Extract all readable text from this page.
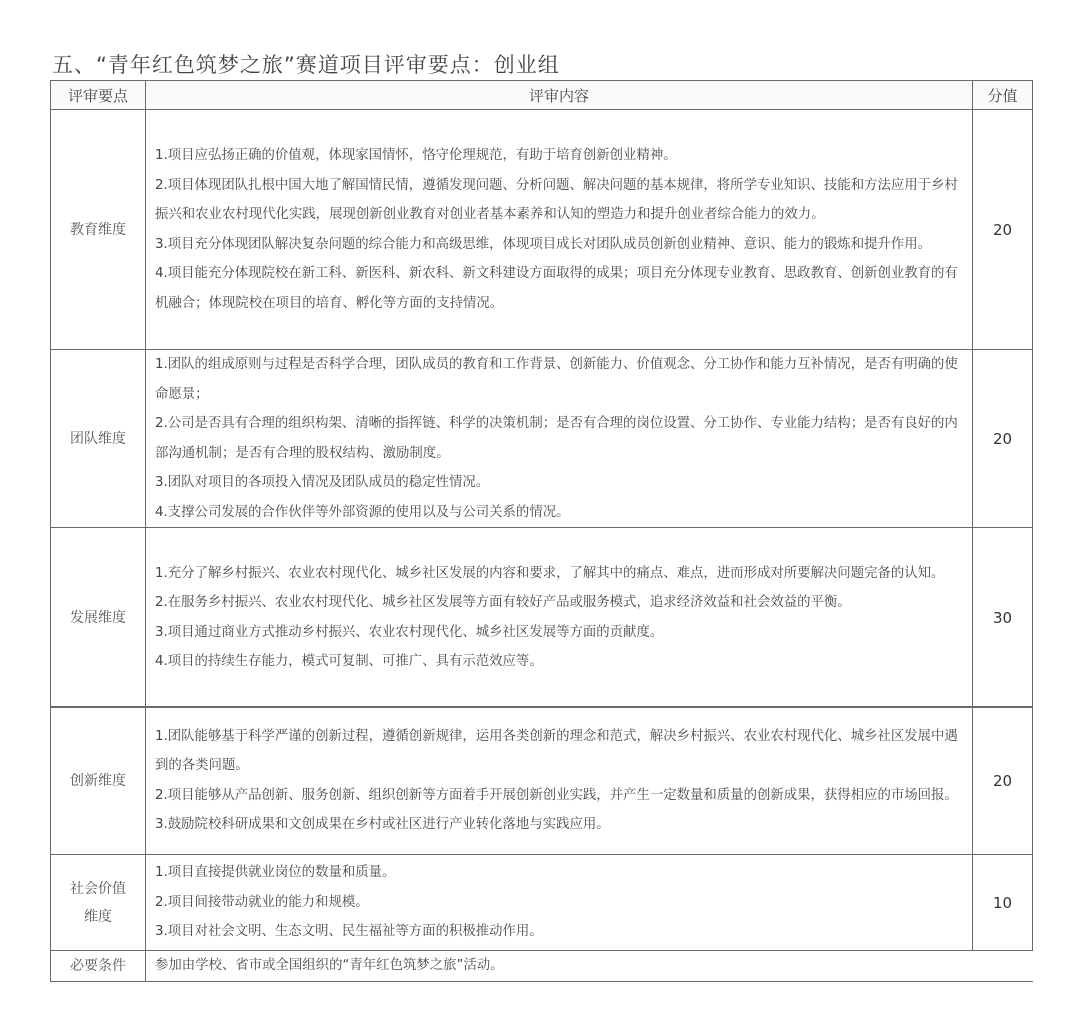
五、“青年红色筑梦之旅”赛道项目评审要点：创业组
评审要点	评审内容	分值
教育维度	1.项目应弘扬正确的价值观，体现家国情怀，恪守伦理规范，有助于培育创新创业精神。

2.项目体现团队扎根中国大地了解国情民情，遵循发现问题、分析问题、解决问题的基本规律，将所学专业知识、技能和方法应用于乡村振兴和农业农村现代化实践，展现创新创业教育对创业者基本素养和认知的塑造力和提升创业者综合能力的效力。

3.项目充分体现团队解决复杂问题的综合能力和高级思维，体现项目成长对团队成员创新创业精神、意识、能力的锻炼和提升作用。

4.项目能充分体现院校在新工科、新医科、新农科、新文科建设方面取得的成果；项目充分体现专业教育、思政教育、创新创业教育的有机融合；体现院校在项目的培育、孵化等方面的支持情况。	20
团队维度	1.团队的组成原则与过程是否科学合理，团队成员的教育和工作背景、创新能力、价值观念、分工协作和能力互补情况，是否有明确的使命愿景；

2.公司是否具有合理的组织构架、清晰的指挥链、科学的决策机制；是否有合理的岗位设置、分工协作、专业能力结构；是否有良好的内部沟通机制；是否有合理的股权结构、激励制度。

3.团队对项目的各项投入情况及团队成员的稳定性情况。

4.支撑公司发展的合作伙伴等外部资源的使用以及与公司关系的情况。	20
发展维度	1.充分了解乡村振兴、农业农村现代化、城乡社区发展的内容和要求，了解其中的痛点、难点，进而形成对所要解决问题完备的认知。

2.在服务乡村振兴、农业农村现代化、城乡社区发展等方面有较好产品或服务模式，追求经济效益和社会效益的平衡。

3.项目通过商业方式推动乡村振兴、农业农村现代化、城乡社区发展等方面的贡献度。

4.项目的持续生存能力，模式可复制、可推广、具有示范效应等。	30
创新维度	1.团队能够基于科学严谨的创新过程，遵循创新规律，运用各类创新的理念和范式，解决乡村振兴、农业农村现代化、城乡社区发展中遇到的各类问题。

2.项目能够从产品创新、服务创新、组织创新等方面着手开展创新创业实践，并产生一定数量和质量的创新成果，获得相应的市场回报。

3.鼓励院校科研成果和文创成果在乡村或社区进行产业转化落地与实践应用。	20
社会价值维度	1.项目直接提供就业岗位的数量和质量。

2.项目间接带动就业的能力和规模。

3.项目对社会文明、生态文明、民生福祉等方面的积极推动作用。	10
必要条件	参加由学校、省市或全国组织的“青年红色筑梦之旅”活动。	
